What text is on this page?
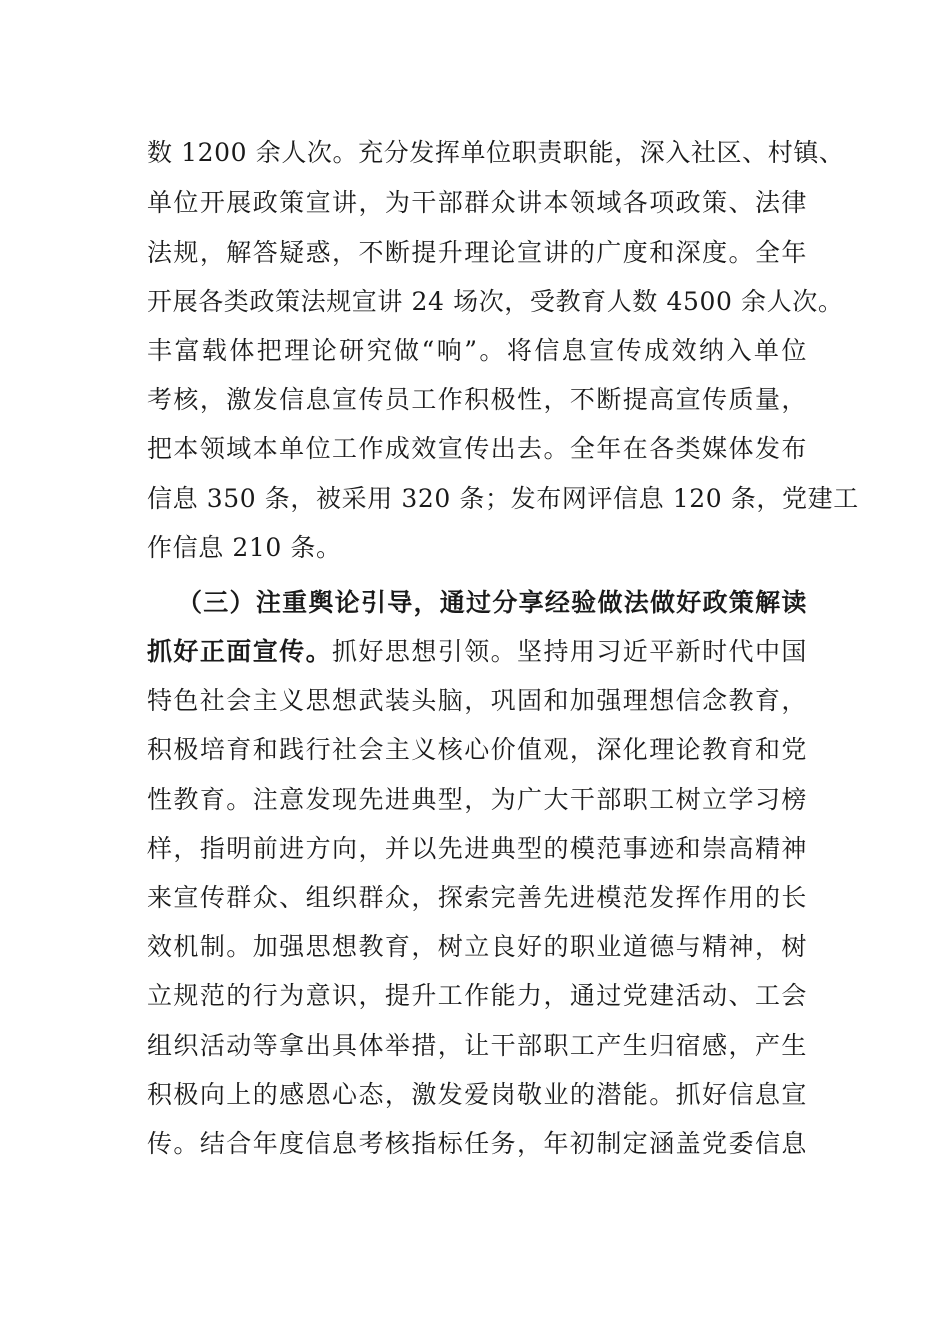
数 1200 余人次。充分发挥单位职责职能，深入社区、村镇、
单位开展政策宣讲，为干部群众讲本领域各项政策、法律
法规，解答疑惑，不断提升理论宣讲的广度和深度。全年
开展各类政策法规宣讲 24 场次，受教育人数 4500 余人次。
丰富载体把理论研究做“响”。将信息宣传成效纳入单位
考核，激发信息宣传员工作积极性，不断提高宣传质量，
把本领域本单位工作成效宣传出去。全年在各类媒体发布
信息 350 条，被采用 320 条；发布网评信息 120 条，党建工
作信息 210 条。
（三）注重舆论引导，通过分享经验做法做好政策解读
抓好正面宣传。抓好思想引领。坚持用习近平新时代中国
特色社会主义思想武装头脑，巩固和加强理想信念教育，
积极培育和践行社会主义核心价值观，深化理论教育和党
性教育。注意发现先进典型，为广大干部职工树立学习榜
样，指明前进方向，并以先进典型的模范事迹和崇高精神
来宣传群众、组织群众，探索完善先进模范发挥作用的长
效机制。加强思想教育，树立良好的职业道德与精神，树
立规范的行为意识，提升工作能力，通过党建活动、工会
组织活动等拿出具体举措，让干部职工产生归宿感，产生
积极向上的感恩心态，激发爱岗敬业的潜能。抓好信息宣
传。结合年度信息考核指标任务，年初制定涵盖党委信息
